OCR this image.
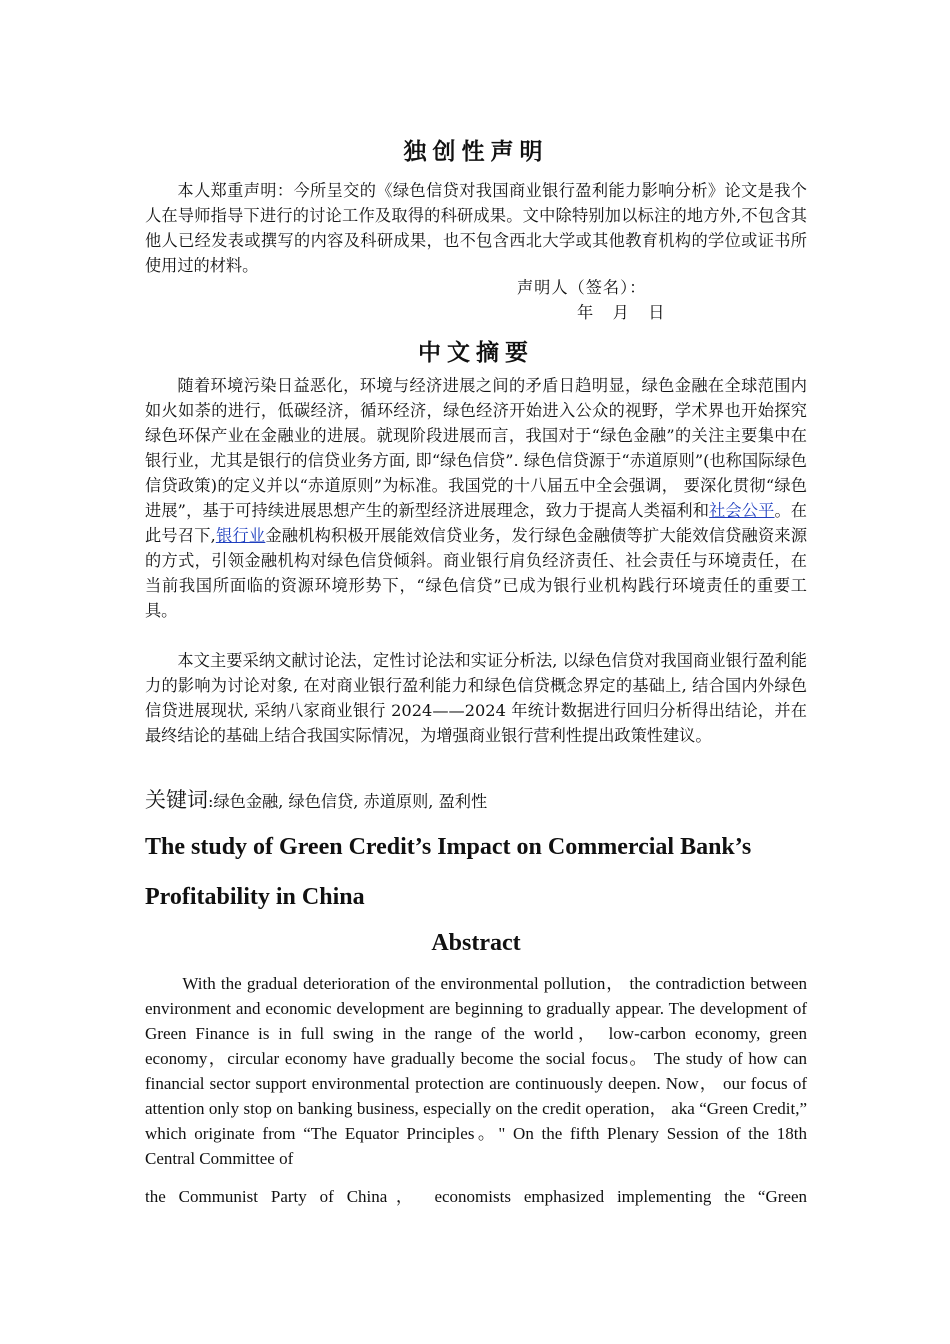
独创性声明

本人郑重声明：今所呈交的《绿色信贷对我国商业银行盈利能力影响分析》论文是我个人在导师指导下进行的讨论工作及取得的科研成果。文中除特别加以标注的地方外,不包含其他人已经发表或撰写的内容及科研成果，也不包含西北大学或其他教育机构的学位或证书所使用过的材料。

声明人（签名）：
年   月   日
中文摘要

随着环境污染日益恶化，环境与经济进展之间的矛盾日趋明显，绿色金融在全球范围内如火如荼的进行，低碳经济，循环经济，绿色经济开始进入公众的视野，学术界也开始探究绿色环保产业在金融业的进展。就现阶段进展而言，我国对于“绿色金融”的关注主要集中在银行业，尤其是银行的信贷业务方面, 即“绿色信贷”. 绿色信贷源于“赤道原则”(也称国际绿色信贷政策)的定义并以“赤道原则”为标准。我国党的十八届五中全会强调， 要深化贯彻“绿色进展”，基于可持续进展思想产生的新型经济进展理念，致力于提高人类福利和社会公平。在此号召下,银行业金融机构积极开展能效信贷业务，发行绿色金融债等扩大能效信贷融资来源的方式，引领金融机构对绿色信贷倾斜。商业银行肩负经济责任、社会责任与环境责任，在当前我国所面临的资源环境形势下，“绿色信贷”已成为银行业机构践行环境责任的重要工具。

本文主要采纳文献讨论法，定性讨论法和实证分析法, 以绿色信贷对我国商业银行盈利能力的影响为讨论对象, 在对商业银行盈利能力和绿色信贷概念界定的基础上, 结合国内外绿色信贷进展现状, 采纳八家商业银行 2024——2024 年统计数据进行回归分析得出结论，并在最终结论的基础上结合我国实际情况，为增强商业银行营利性提出政策性建议。

关键词:绿色金融, 绿色信贷, 赤道原则, 盈利性
The study of Green Credit’s Impact on Commercial Bank’s
Profitability in China
Abstract

With the gradual deterioration of the environmental pollution， the contradiction between environment and economic development are beginning to gradually appear. The development of Green Finance is in full swing in the range of the world， low-carbon economy, green economy，circular economy have gradually become the social focus。 The study of how can financial sector support environmental protection are continuously deepen. Now， our focus of attention only stop on banking business, especially on the credit operation， aka “Green Credit,” which originate from “The Equator Principles。" On the fifth Plenary Session of the 18th Central Committee of

the Communist Party of China， economists emphasized implementing the “Green
